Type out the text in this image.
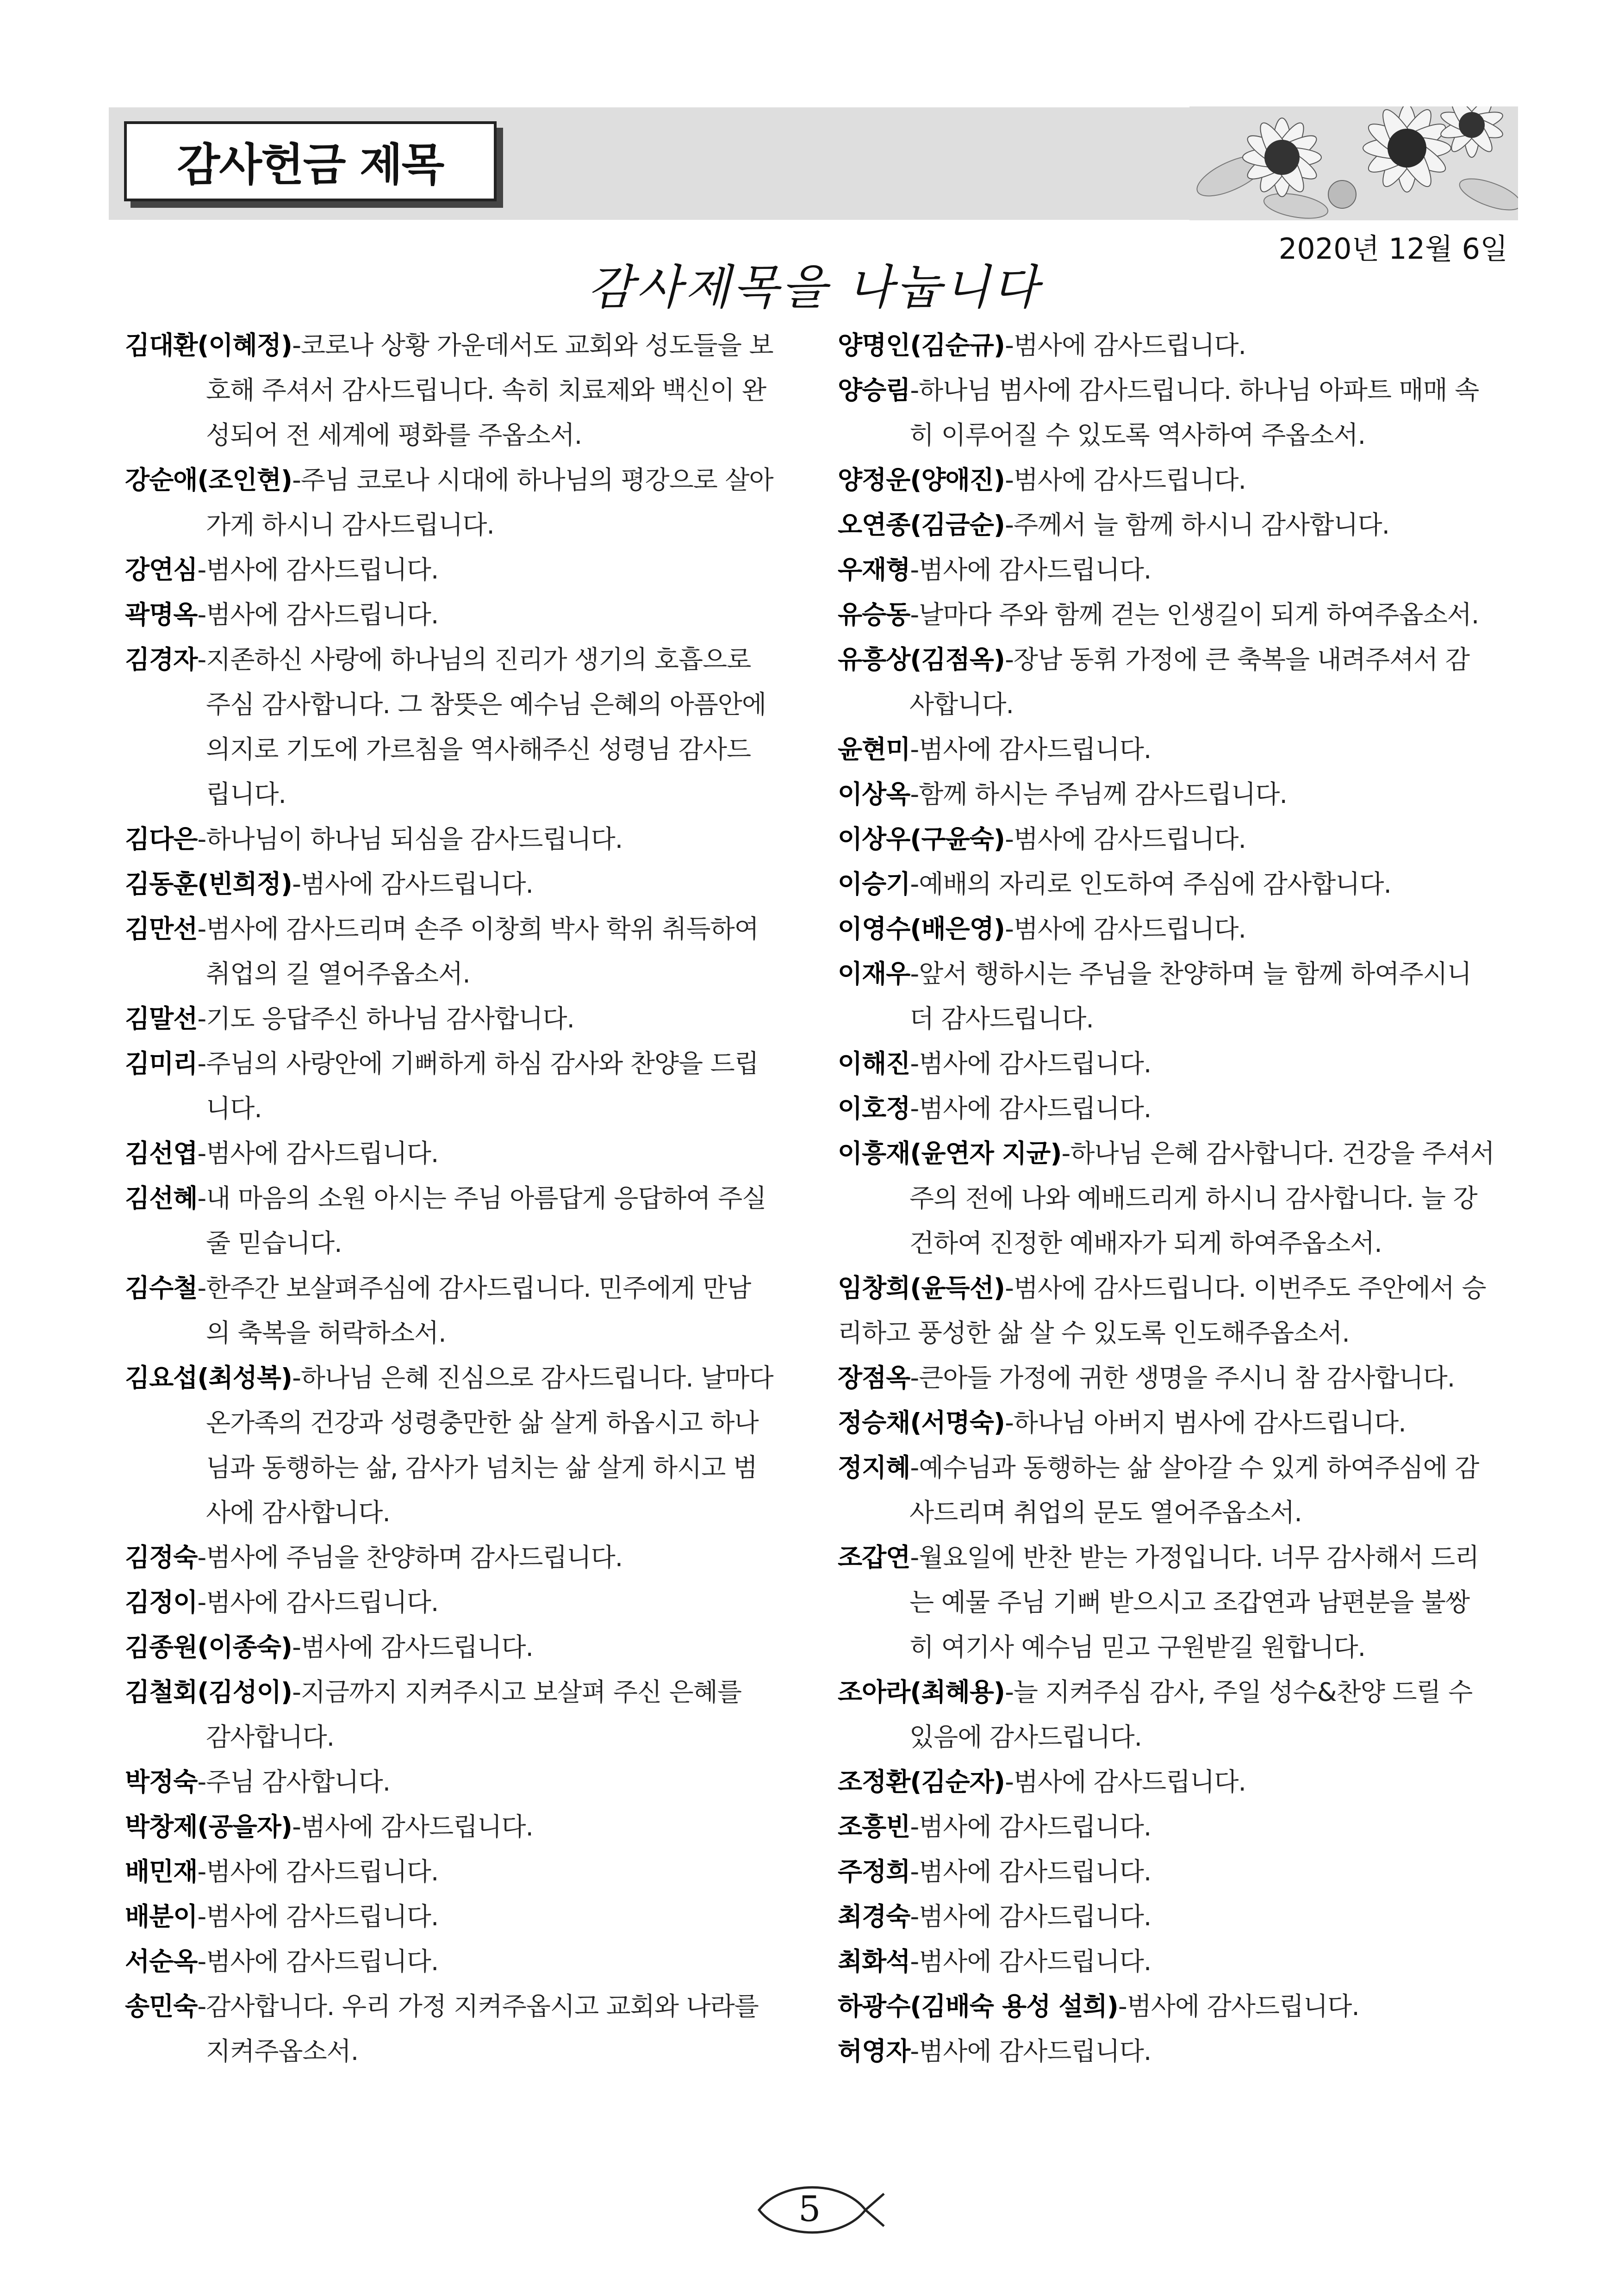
감사헌금 제목
2020년 12월 6일
감사제목을 나눕니다
김대환(이혜정)-코로나 상황 가운데서도 교회와 성도들을 보
호해 주셔서 감사드립니다. 속히 치료제와 백신이 완
성되어 전 세계에 평화를 주옵소서.
강순애(조인현)-주님 코로나 시대에 하나님의 평강으로 살아
가게 하시니 감사드립니다.
강연심-범사에 감사드립니다.
곽명옥-범사에 감사드립니다.
김경자-지존하신 사랑에 하나님의 진리가 생기의 호흡으로
주심 감사합니다. 그 참뜻은 예수님 은혜의 아픔안에
의지로 기도에 가르침을 역사해주신 성령님 감사드
립니다.
김다은-하나님이 하나님 되심을 감사드립니다.
김동훈(빈희정)-범사에 감사드립니다.
김만선-범사에 감사드리며 손주 이창희 박사 학위 취득하여
취업의 길 열어주옵소서.
김말선-기도 응답주신 하나님 감사합니다.
김미리-주님의 사랑안에 기뻐하게 하심 감사와 찬양을 드립
니다.
김선엽-범사에 감사드립니다.
김선혜-내 마음의 소원 아시는 주님 아름답게 응답하여 주실
줄 믿습니다.
김수철-한주간 보살펴주심에 감사드립니다. 민주에게 만남
의 축복을 허락하소서.
김요섭(최성복)-하나님 은혜 진심으로 감사드립니다. 날마다
온가족의 건강과 성령충만한 삶 살게 하옵시고 하나
님과 동행하는 삶, 감사가 넘치는 삶 살게 하시고 범
사에 감사합니다.
김정숙-범사에 주님을 찬양하며 감사드립니다.
김정이-범사에 감사드립니다.
김종원(이종숙)-범사에 감사드립니다.
김철회(김성이)-지금까지 지켜주시고 보살펴 주신 은혜를
감사합니다.
박정숙-주님 감사합니다.
박창제(공을자)-범사에 감사드립니다.
배민재-범사에 감사드립니다.
배분이-범사에 감사드립니다.
서순옥-범사에 감사드립니다.
송민숙-감사합니다. 우리 가정 지켜주옵시고 교회와 나라를
지켜주옵소서.
양명인(김순규)-범사에 감사드립니다.
양승림-하나님 범사에 감사드립니다. 하나님 아파트 매매 속
히 이루어질 수 있도록 역사하여 주옵소서.
양정운(양애진)-범사에 감사드립니다.
오연종(김금순)-주께서 늘 함께 하시니 감사합니다.
우재형-범사에 감사드립니다.
유승동-날마다 주와 함께 걷는 인생길이 되게 하여주옵소서.
유흥상(김점옥)-장남 동휘 가정에 큰 축복을 내려주셔서 감
사합니다.
윤현미-범사에 감사드립니다.
이상옥-함께 하시는 주님께 감사드립니다.
이상우(구윤숙)-범사에 감사드립니다.
이승기-예배의 자리로 인도하여 주심에 감사합니다.
이영수(배은영)-범사에 감사드립니다.
이재우-앞서 행하시는 주님을 찬양하며 늘 함께 하여주시니
더 감사드립니다.
이해진-범사에 감사드립니다.
이호정-범사에 감사드립니다.
이흥재(윤연자 지균)-하나님 은혜 감사합니다. 건강을 주셔서
주의 전에 나와 예배드리게 하시니 감사합니다. 늘 강
건하여 진정한 예배자가 되게 하여주옵소서.
임창희(윤득선)-범사에 감사드립니다. 이번주도 주안에서 승
리하고 풍성한 삶 살 수 있도록 인도해주옵소서.
장점옥-큰아들 가정에 귀한 생명을 주시니 참 감사합니다.
정승채(서명숙)-하나님 아버지 범사에 감사드립니다.
정지혜-예수님과 동행하는 삶 살아갈 수 있게 하여주심에 감
사드리며 취업의 문도 열어주옵소서.
조갑연-월요일에 반찬 받는 가정입니다. 너무 감사해서 드리
는 예물 주님 기뻐 받으시고 조갑연과 남편분을 불쌍
히 여기사 예수님 믿고 구원받길 원합니다.
조아라(최혜용)-늘 지켜주심 감사, 주일 성수&찬양 드릴 수
있음에 감사드립니다.
조정환(김순자)-범사에 감사드립니다.
조흥빈-범사에 감사드립니다.
주정희-범사에 감사드립니다.
최경숙-범사에 감사드립니다.
최화석-범사에 감사드립니다.
하광수(김배숙 용성 설희)-범사에 감사드립니다.
허영자-범사에 감사드립니다.
5
